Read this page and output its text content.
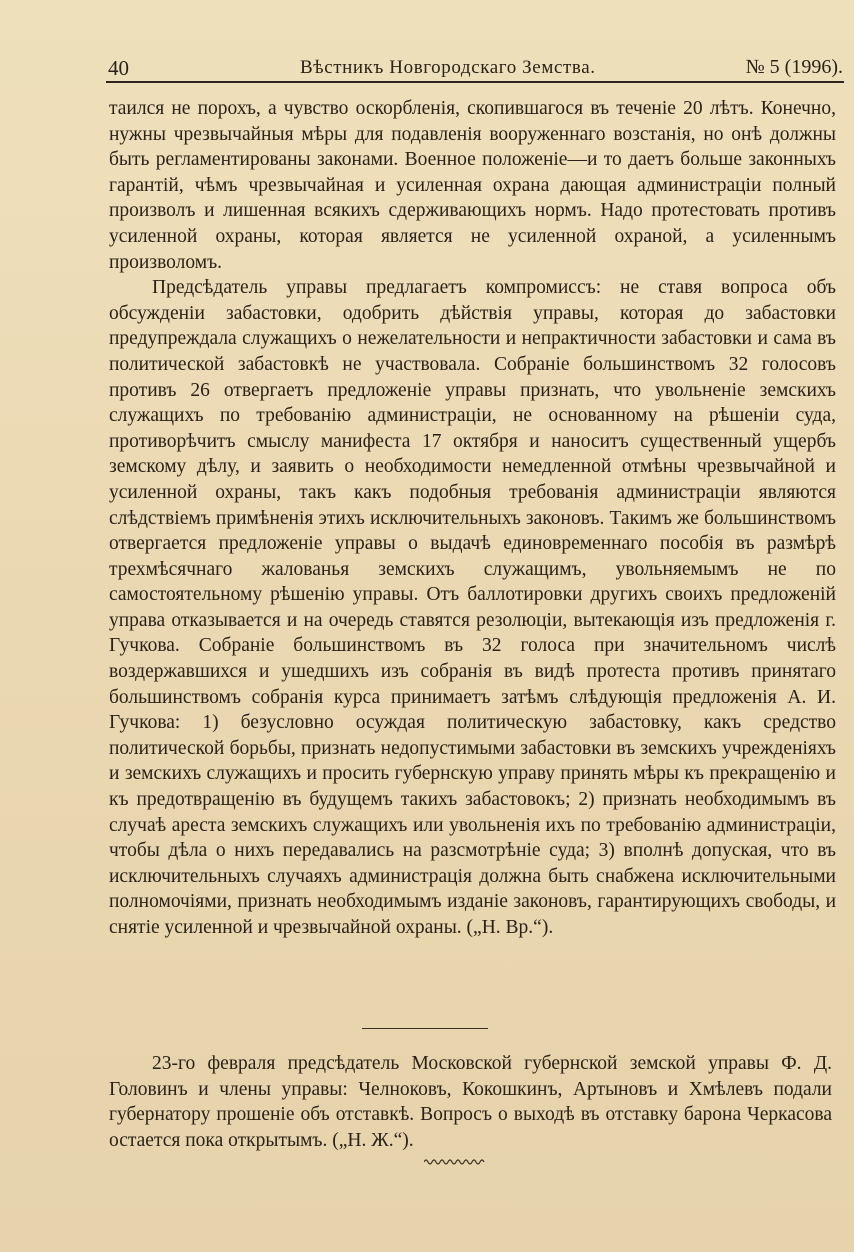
40	Вѣстникъ Новгородскаго Земства.	№ 5 (1996).

таился не порохъ, а чувство оскорбленія, скопившагося въ теченіе 20 лѣтъ. Конечно, нужны чрезвычайныя мѣры для подавленія вооруженнаго возстанія, но онѣ должны быть регламентированы законами. Военное положеніе—и то даетъ больше законныхъ гарантій, чѣмъ чрезвычайная и усиленная охрана дающая администраціи полный произволъ и лишенная всякихъ сдерживающихъ нормъ. Надо протестовать противъ усиленной охраны, которая является не усиленной охраной, а усиленнымъ произволомъ.

Предсѣдатель управы предлагаетъ компромиссъ: не ставя вопроса объ обсужденіи забастовки, одобрить дѣйствія управы, которая до забастовки предупреждала служащихъ о нежелательности и непрактичности забастовки и сама въ политической забастовкѣ не участвовала. Собраніе большинствомъ 32 голосовъ противъ 26 отвергаетъ предложеніе управы признать, что увольненіе земскихъ служащихъ по требованію администраціи, не основанному на рѣшеніи суда, противорѣчитъ смыслу манифеста 17 октября и наноситъ существенный ущербъ земскому дѣлу, и заявить о необходимости немедленной отмѣны чрезвычайной и усиленной охраны, такъ какъ подобныя требованія администраціи являются слѣдствіемъ примѣненія этихъ исключительныхъ законовъ. Такимъ же большинствомъ отвергается предложеніе управы о выдачѣ единовременнаго пособія въ размѣрѣ трехмѣсячнаго жалованья земскихъ служащимъ, увольняемымъ не по самостоятельному рѣшенію управы. Отъ баллотировки другихъ своихъ предложеній управа отказывается и на очередь ставятся резолюціи, вытекающія изъ предложенія г. Гучкова. Собраніе большинствомъ въ 32 голоса при значительномъ числѣ воздержавшихся и ушедшихъ изъ собранія въ видѣ протеста противъ принятаго большинствомъ собранія курса принимаетъ затѣмъ слѣдующія предложенія А. И. Гучкова: 1) безусловно осуждая политическую забастовку, какъ средство политической борьбы, признать недопустимыми забастовки въ земскихъ учрежденіяхъ и земскихъ служащихъ и просить губернскую управу принять мѣры къ прекращенію и къ предотвращенію въ будущемъ такихъ забастовокъ; 2) признать необходимымъ въ случаѣ ареста земскихъ служащихъ или увольненія ихъ по требованію администраціи, чтобы дѣла о нихъ передавались на разсмотрѣніе суда; 3) вполнѣ допуская, что въ исключительныхъ случаяхъ администрація должна быть снабжена исключительными полномочіями, признать необходимымъ изданіе законовъ, гарантирующихъ свободы, и снятіе усиленной и чрезвычайной охраны. („Н. Вр.“).

23-го февраля предсѣдатель Московской губернской земской управы Ф. Д. Головинъ и члены управы: Челноковъ, Кокошкинъ, Артыновъ и Хмѣлевъ подали губернатору прошеніе объ отставкѣ. Вопросъ о выходѣ въ отставку барона Черкасова остается пока открытымъ. („Н. Ж.“).
